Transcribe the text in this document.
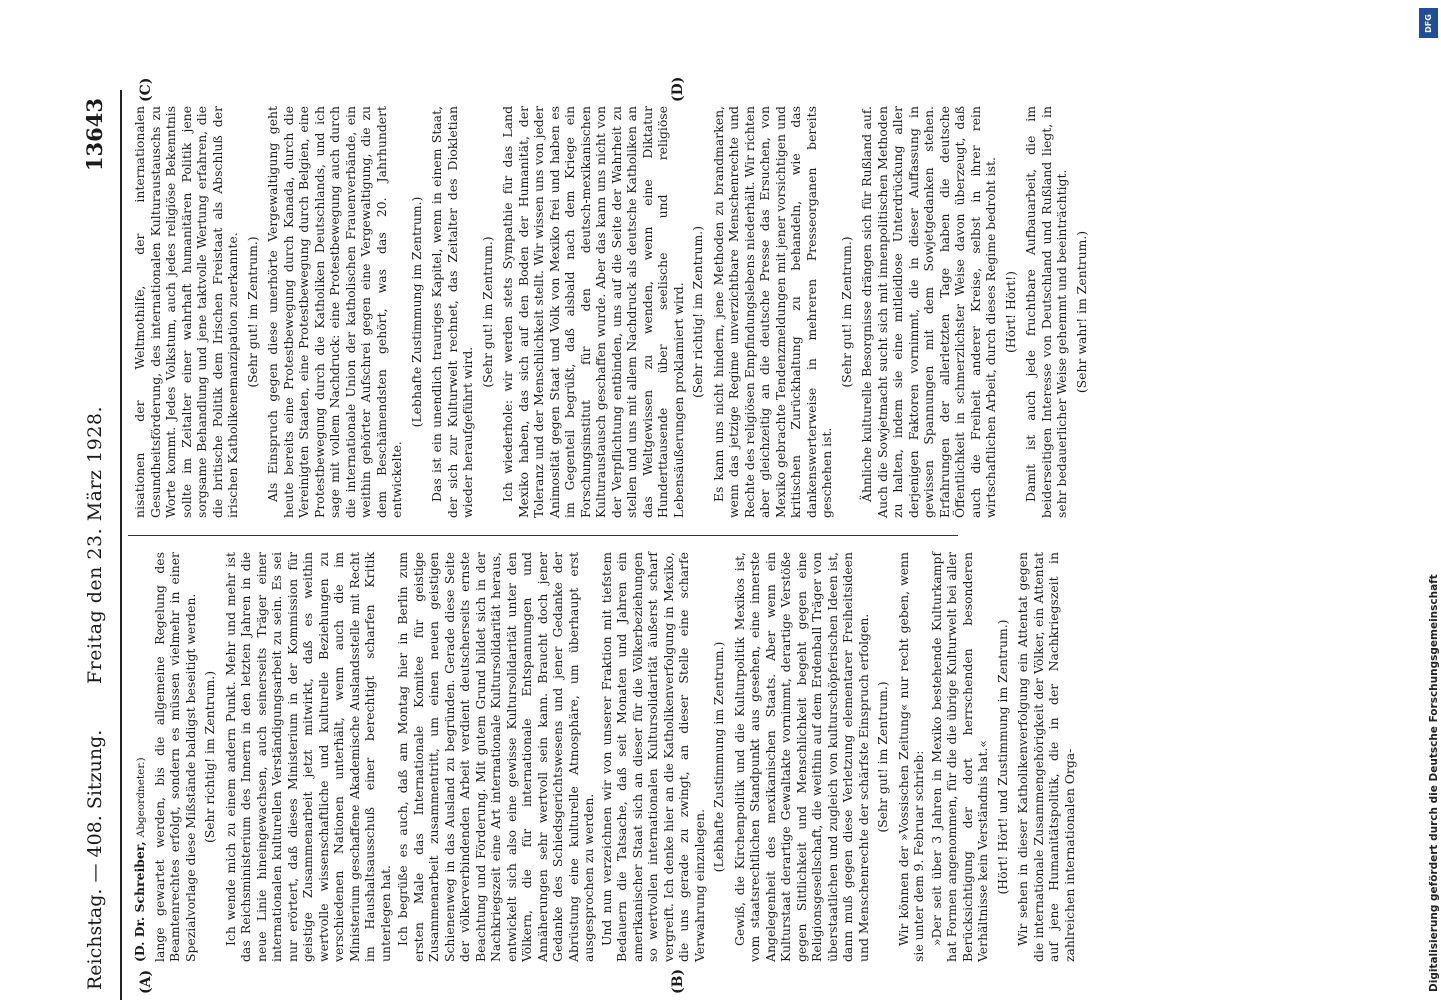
Reichstag. — 408. Sitzung.
Freitag den 23. März 1928.
13643
(A)	(B)
(C)	(D)

(D. Dr. Schreiber, Abgeordneter.) lange gewartet werden, bis die allgemeine Regelung des Beamtenrechtes erfolgt, sondern es müssen vielmehr in einer Spezialvorlage diese Mißstände baldigst beseitigt werden. (Sehr richtig! im Zentrum.) Ich wende mich zu einem andern Punkt. Mehr und mehr ist das Reichsministerium des Innern in den letzten Jahren in die neue Linie hineingewachsen, auch seinerseits Träger einer internationalen kulturellen Verständigungsarbeit zu sein. Es sei nur erörtert, daß dieses Ministerium in der Kommission für geistige Zusammenarbeit jetzt mitwirkt, daß es weithin wertvolle wissenschaftliche und kulturelle Beziehungen zu verschiedenen Nationen unterhält, wenn auch die im Ministerium geschaffene Akademische Auslandsstelle mit Recht im Haushaltsausschuß einer berechtigt scharfen Kritik unterlegen hat. Ich begrüße es auch, daß am Montag hier in Berlin zum ersten Male das Internationale Komitee für geistige Zusammenarbeit zusammentritt, um einen neuen geistigen Schienenweg in das Ausland zu begründen. Gerade diese Seite der völkerverbindenden Arbeit verdient deutscherseits ernste Beachtung und Förderung. Mit gutem Grund bildet sich in der Nachkriegszeit eine Art internationale Kultursolidarität heraus, entwickelt sich also eine gewisse Kultursolidarität unter den Völkern, die für internationale Entspannungen und Annäherungen sehr wertvoll sein kann. Braucht doch jener Gedanke des Schiedsgerichtswesens und jener Gedanke der Abrüstung eine kulturelle Atmosphäre, um überhaupt erst ausgesprochen zu werden. Und nun verzeichnen wir von unserer Fraktion mit tiefstem Bedauern die Tatsache, daß seit Monaten und Jahren ein amerikanischer Staat sich an dieser für die Völkerbeziehungen so wertvollen internationalen Kultursolidarität äußerst scharf vergreift. Ich denke hier an die Katholikenverfolgung in Mexiko, die uns gerade zu zwingt, an dieser Stelle eine scharfe Verwahrung einzulegen.

(Lebhafte Zustimmung im Zentrum.) Gewiß, die Kirchenpolitik und die Kulturpolitik Mexikos ist, vom staatsrechtlichen Standpunkt aus gesehen, eine innerste Angelegenheit des mexikanischen Staats. Aber wenn ein Kulturstaat derartige Gewaltakte vornimmt, derartige Verstöße gegen Sittlichkeit und Menschlichkeit begeht gegen eine Religionsgesellschaft, die weithin auf dem Erdenball Träger von überstaatlichen und zugleich von kulturschöpferischen Ideen ist, dann muß gegen diese Verletzung elementarer Freiheitsideen und Menschenrechte der schärfste Einspruch erfolgen. (Sehr gut! im Zentrum.) Wir können der »Vossischen Zeitung« nur recht geben, wenn sie unter dem 9. Februar schrieb: »Der seit über 3 Jahren in Mexiko bestehende Kulturkampf hat Formen angenommen, für die die übrige Kulturwelt bei aller Berücksichtigung der dort herrschenden besonderen Verhältnisse kein Verständnis hat.« (Hört! Hört! und Zustimmung im Zentrum.) Wir sehen in dieser Katholikenverfolgung ein Attentat gegen die internationale Zusammengehörigkeit der Völker, ein Attentat auf jene Humanitätspolitik, die in der Nachkriegszeit in zahlreichen internationalen Orga-

nisationen der Weltmothilfe, der internationalen Gesundheitsförderung, des internationalen Kulturaustauschs zu Worte kommt. Jedes Volkstum, auch jedes religiöse Bekenntnis sollte im Zeitalter einer wahrhaft humanitären Politik jene sorgsame Behandlung und jene taktvolle Wertung erfahren, die die britische Politik dem Irischen Freistaat als Abschluß der irischen Katholikenemanzipation zuerkannte. (Sehr gut! im Zentrum.) Als Einspruch gegen diese unerhörte Vergewaltigung geht heute bereits eine Protestbewegung durch Kanada, durch die Vereinigten Staaten, eine Protestbewegung durch Belgien, eine Protestbewegung durch die Katholiken Deutschlands, und ich sage mit vollem Nachdruck: eine Protestbewegung auch durch die internationale Union der katholischen Frauenverbände, ein weithin gehörter Aufschrei gegen eine Vergewaltigung, die zu dem Beschämendsten gehört, was das 20. Jahrhundert entwickelte.

(Lebhafte Zustimmung im Zentrum.) Das ist ein unendlich trauriges Kapitel, wenn in einem Staat, der sich zur Kulturwelt rechnet, das Zeitalter des Diokletian wieder heraufgeführt wird.

(Sehr gut! im Zentrum.) Ich wiederhole: wir werden stets Sympathie für das Land Mexiko haben, das sich auf den Boden der Humanität, der Toleranz und der Menschlichkeit stellt. Wir wissen uns von jeder Animosität gegen Staat und Volk von Mexiko frei und haben es im Gegenteil begrüßt, daß alsbald nach dem Kriege ein Forschungsinstitut für den deutsch-mexikanischen Kulturaustausch geschaffen wurde. Aber das kann uns nicht von der Verpflichtung entbinden, uns auf die Seite der Wahrheit zu stellen und uns mit allem Nachdruck als deutsche Katholiken an das Weltgewissen zu wenden, wenn eine Diktatur Hunderttausende über seelische und religiöse Lebensäußerungen proklamiert wird. (Sehr richtig! im Zentrum.) Es kann uns nicht hindern, jene Methoden zu brandmarken, wenn das jetzige Regime unverzichtbare Menschenrechte und Rechte des religiösen Empfindungslebens niederhält. Wir richten aber gleichzeitig an die deutsche Presse das Ersuchen, von Mexiko gebrachte Tendenzmeldungen mit jener vorsichtigen und kritischen Zurückhaltung zu behandeln, wie das dankenswerterweise in mehreren Presseorganen bereits geschehen ist.

(Sehr gut! im Zentrum.) Ähnliche kulturelle Besorgnisse drängen sich für Rußland auf. Auch die Sowjetmacht sucht sich mit innenpolitischen Methoden zu halten, indem sie eine mitleidlose Unterdrückung aller derjenigen Faktoren vornimmt, die in dieser Auffassung in gewissen Spannungen mit dem Sowjetgedanken stehen. Erfahrungen der allerletzten Tage haben die deutsche Öffentlichkeit in schmerzlichster Weise davon überzeugt, daß auch die Freiheit anderer Kreise, selbst in ihrer rein wirtschaftlichen Arbeit, durch dieses Regime bedroht ist. (Hört! Hört!) Damit ist auch jede fruchtbare Aufbauarbeit, die im beiderseitigen Interesse von Deutschland und Rußland liegt, in sehr bedauerlicher Weise gehemmt und beeinträchtigt. (Sehr wahr! im Zentrum.)

DFG
Digitalisierung gefördert durch die Deutsche Forschungsgemeinschaft
